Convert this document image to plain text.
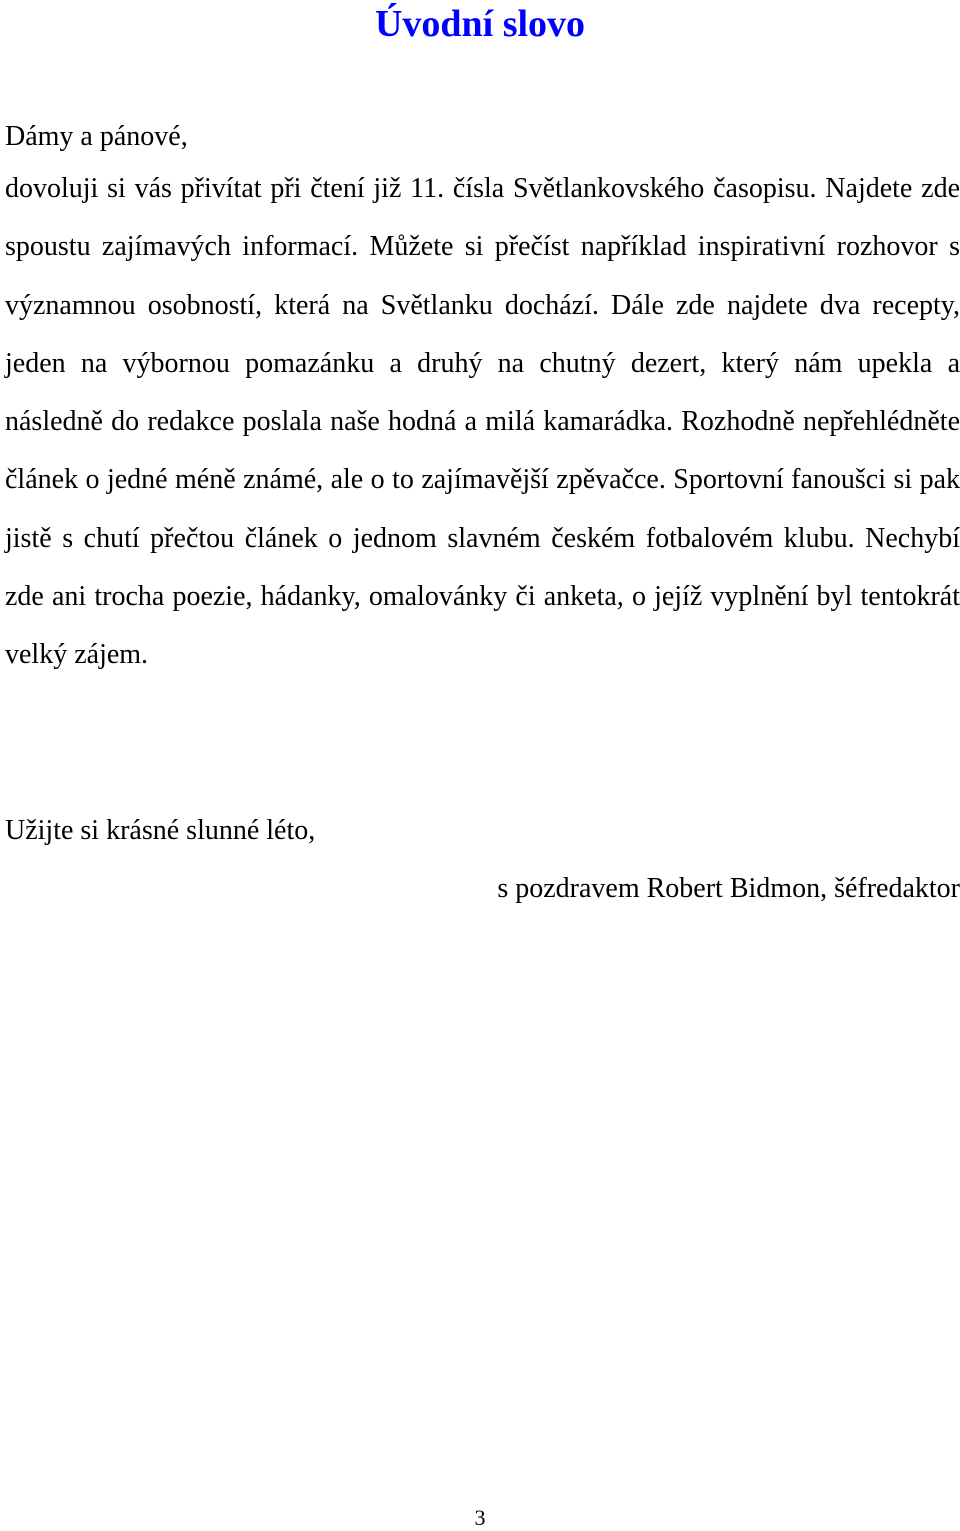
Úvodní slovo

Dámy a pánové,

dovoluji si vás přivítat při čtení již 11. čísla Světlankovského časopisu. Najdete zde spoustu zajímavých informací. Můžete si přečíst například inspirativní rozhovor s významnou osobností, která na Světlanku dochází. Dále zde najdete dva recepty, jeden na výbornou pomazánku a druhý na chutný dezert, který nám upekla a následně do redakce poslala naše hodná a milá kamarádka. Rozhodně nepřehlédněte článek o jedné méně známé, ale o to zajímavější zpěvačce. Sportovní fanoušci si pak jistě s chutí přečtou článek o jednom slavném českém fotbalovém klubu. Nechybí zde ani trocha poezie, hádanky, omalovánky či anketa, o jejíž vyplnění byl tentokrát velký zájem.

Užijte si krásné slunné léto,

s pozdravem Robert Bidmon, šéfredaktor

3
